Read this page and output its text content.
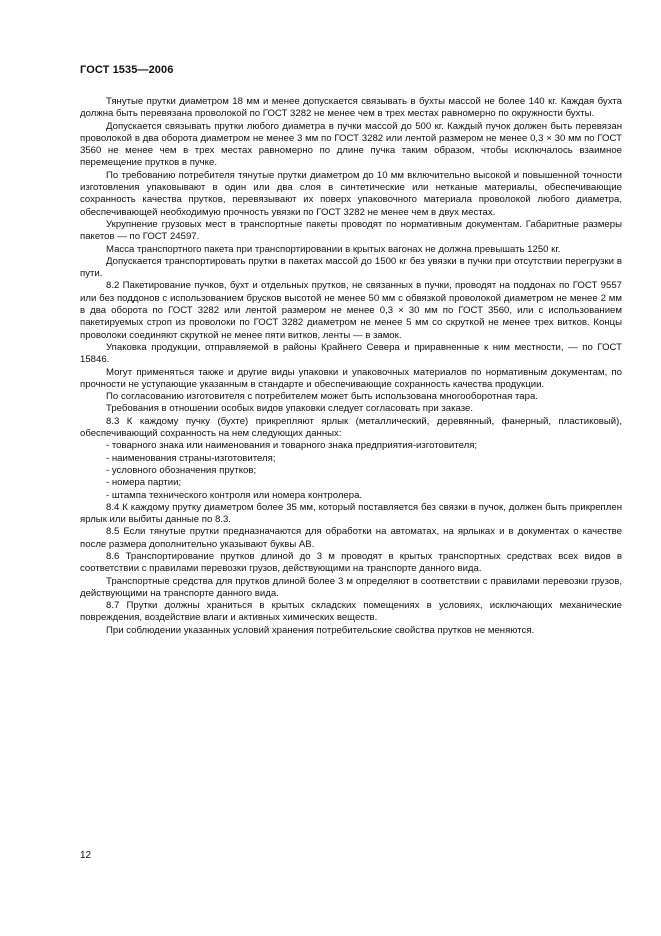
ГОСТ 1535—2006

Тянутые прутки диаметром 18 мм и менее допускается связывать в бухты массой не более 140 кг. Каждая бухта должна быть перевязана проволокой по ГОСТ 3282 не менее чем в трех местах равномерно по окружности бухты.

Допускается связывать прутки любого диаметра в пучки массой до 500 кг. Каждый пучок должен быть перевязан проволокой в два оборота диаметром не менее 3 мм по ГОСТ 3282 или лентой размером не менее 0,3 × 30 мм по ГОСТ 3560 не менее чем в трех местах равномерно по длине пучка таким образом, чтобы исключалось взаимное перемещение прутков в пучке.

По требованию потребителя тянутые прутки диаметром до 10 мм включительно высокой и повышенной точности изготовления упаковывают в один или два слоя в синтетические или нетканые материалы, обеспечивающие сохранность качества прутков, перевязывают их поверх упаковочного материала проволокой любого диаметра, обеспечивающей необходимую прочность увязки по ГОСТ 3282 не менее чем в двух местах.

Укрупнение грузовых мест в транспортные пакеты проводят по нормативным документам. Габаритные размеры пакетов — по ГОСТ 24597.

Масса транспортного пакета при транспортировании в крытых вагонах не должна превышать 1250 кг.

Допускается транспортировать прутки в пакетах массой до 1500 кг без увязки в пучки при отсутствии перегрузки в пути.

8.2 Пакетирование пучков, бухт и отдельных прутков, не связанных в пучки, проводят на поддонах по ГОСТ 9557 или без поддонов с использованием брусков высотой не менее 50 мм с обвязкой проволокой диаметром не менее 2 мм в два оборота по ГОСТ 3282 или лентой размером не менее 0,3 × 30 мм по ГОСТ 3560, или с использованием пакетируемых строп из проволоки по ГОСТ 3282 диаметром не менее 5 мм со скруткой не менее трех витков. Концы проволоки соединяют скруткой не менее пяти витков, ленты — в замок.

Упаковка продукции, отправляемой в районы Крайнего Севера и приравненные к ним местности, — по ГОСТ 15846.

Могут применяться также и другие виды упаковки и упаковочных материалов по нормативным документам, по прочности не уступающие указанным в стандарте и обеспечивающие сохранность качества продукции.

По согласованию изготовителя с потребителем может быть использована многооборотная тара.

Требования в отношении особых видов упаковки следует согласовать при заказе.

8.3 К каждому пучку (бухте) прикрепляют ярлык (металлический, деревянный, фанерный, пластиковый), обеспечивающий сохранность на нем следующих данных:

- товарного знака или наименования и товарного знака предприятия-изготовителя;
- наименования страны-изготовителя;
- условного обозначения прутков;
- номера партии;
- штампа технического контроля или номера контролера.

8.4 К каждому прутку диаметром более 35 мм, который поставляется без связки в пучок, должен быть прикреплен ярлык или выбиты данные по 8.3.

8.5 Если тянутые прутки предназначаются для обработки на автоматах, на ярлыках и в документах о качестве после размера дополнительно указывают буквы АВ.

8.6 Транспортирование прутков длиной до 3 м проводят в крытых транспортных средствах всех видов в соответствии с правилами перевозки грузов, действующими на транспорте данного вида.

Транспортные средства для прутков длиной более 3 м определяют в соответствии с правилами перевозки грузов, действующими на транспорте данного вида.

8.7 Прутки должны храниться в крытых складских помещениях в условиях, исключающих механические повреждения, воздействие влаги и активных химических веществ.

При соблюдении указанных условий хранения потребительские свойства прутков не меняются.

12
